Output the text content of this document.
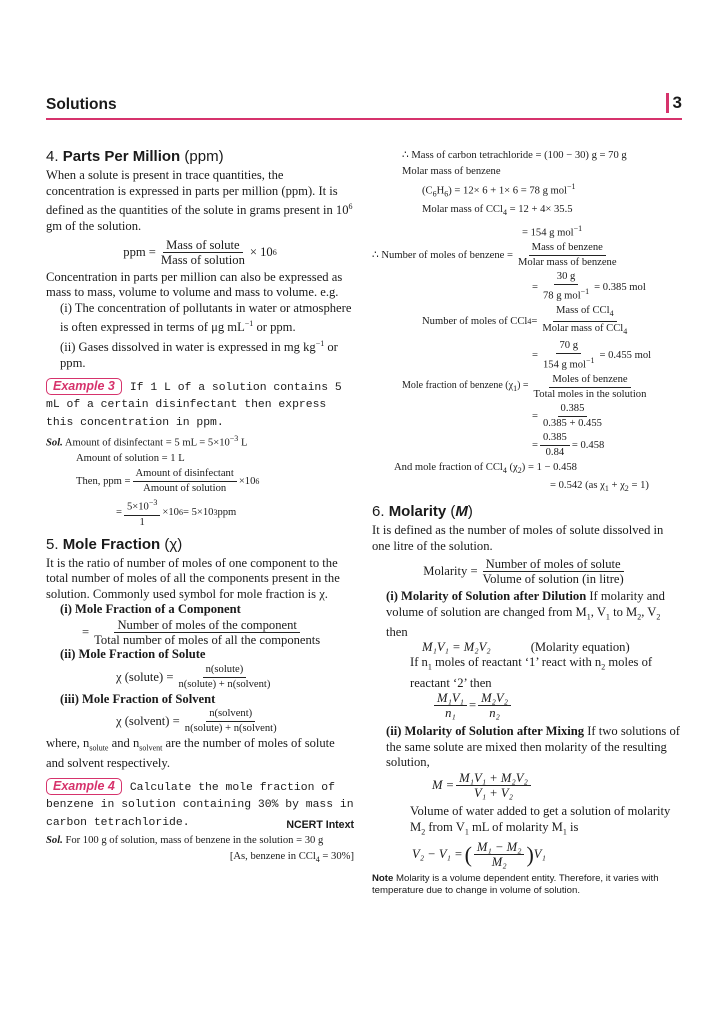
Solutions	3
4. Parts Per Million (ppm)

When a solute is present in trace quantities, the concentration is expressed in parts per million (ppm). It is defined as the quantities of the solute in grams present in $10^6$ gm of the solution.

ppm = Mass of solute
Mass of solution
× 10 6

Concentration in parts per million can also be expressed as mass to mass, volume to volume and mass to volume. e.g.

(i) The concentration of pollutants in water or atmosphere is often expressed in terms of μg $mL^{-1}$ or ppm.

(ii) Gases dissolved in water is expressed in mg $kg^{-1}$ or ppm.

Example 3 If 1 L of a solution contains 5 mL of a certain disinfectant then express this concentration in ppm.

Sol. Amount of disinfectant = 5 mL = $5\times 10^{-3}$ L

Amount of solution = 1 L

Then, ppm =
Amount of disinfectant
Amount of solution
×10 6
= $\frac{5\times 10^{-3}}{1} \times 10$ 6 = 5×10 3 ppm
5. Mole Fraction (χ)

It is the ratio of number of moles of one component to the total number of moles of all the components present in the solution. Commonly used symbol for mole fraction is χ.

(i) Mole Fraction of a Component

= Number of moles of the component
Total number of moles of all the components

(ii) Mole Fraction of Solute

χ (solute) =
n(solute)
n(solute) + n(solvent)

(iii) Mole Fraction of Solvent

χ (solvent) =
n(solvent)
n(solute) + n(solvent)

where, $n_{solute}$ and $n_{solvent}$ are the number of moles of solute and solvent respectively.

Example 4 Calculate the mole fraction of benzene in solution containing 30% by mass in carbon tetrachloride.	NCERT Intext

Sol. For 100 g of solution, mass of benzene in the solution = 30 g

[As, benzene in CCl$_4$ = 30%]

∴ Mass of carbon tetrachloride = (100 − 30) g = 70 g

Molar mass of benzene

$(C_6H_6) = 12\times 6 + 1\times 6 = 78$ g mol$^{-1}$

Molar mass of CCl$_4$ = 12 + 4× 35.5

= 154 g mol$^{-1}$

∴ Number of moles of benzene =
Mass of benzene
Molar mass of benzene
=
30 g
78 g mol$^{-1}$ = 0.385 mol
Number of moles of CCl 4 =
Mass of CCl$_4$
Molar mass of CCl$_4$
=
70 g
154 g mol$^{-1}$ = 0.455 mol
Mole fraction of benzene $(\chi_1)$ =
Moles of benzene
Total moles in the solution
= $\frac{0.385}{0.385 + 0.455}$
= $\frac{0.385}{0.84} = 0.458$

And mole fraction of CCl$_4$ $(\chi_2) = 1 - 0.458$

= 0.542 (as $\chi_1 + \chi_2 = 1$)

6. Molarity (M)

It is defined as the number of moles of solute dissolved in one litre of the solution.

Molarity = Number of moles of solute
Volume of solution (in litre)

(i) Molarity of Solution after Dilution If molarity and volume of solution are changed from $M_1$, $V_1$ to $M_2$, $V_2$ then

M₁V₁ = M₂V₂	(Molarity equation)

If $n_1$ moles of reactant ‘1’ react with $n_2$ moles of reactant ‘2’ then

$\frac{\text{M₁V₁}}{\text{n₁}} = \frac{\text{M₂V₂}}{\text{n₂}}$

(ii) Molarity of Solution after Mixing If two solutions of the same solute are mixed then molarity of the resulting solution,

$M = \frac{\text{M₁V₁ + M₂V₂}}{\text{V₁ + V₂}}$

Volume of water added to get a solution of molarity $M_2$ from $V_1$ mL of molarity $M_1$ is

V₂ − V₁ = ( M₁ − M₂
M₂ ) V₁

Note Molarity is a volume dependent entity. Therefore, it varies with temperature due to change in volume of solution.
